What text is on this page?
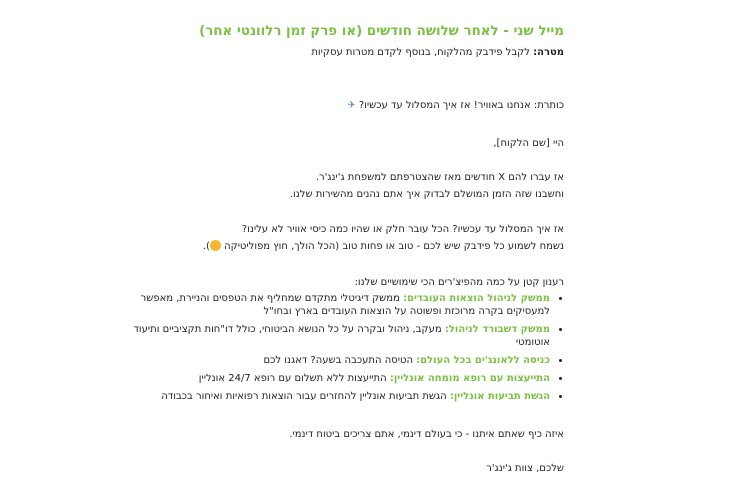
מייל שני - לאחר שלושה חודשים (או פרק זמן רלוונטי אחר)
מטרה: לקבל פידבק מהלקוח, בנוסף לקדם מטרות עסקיות
כותרת: אנחנו באוויר! אז איך המסלול עד עכשיו? ✈
היי [שם הלקוח],
אז עברו להם X חודשים מאז שהצטרפתם למשפחת ג'ינג'ר.
וחשבנו שזה הזמן המושלם לבדוק איך אתם נהנים מהשירות שלנו.
אז איך המסלול עד עכשיו? הכל עובר חלק או שהיו כמה כיסי אוויר לא עלינו?
נשמח לשמוע כל פידבק שיש לכם - טוב או פחות טוב (הכל הולך, חוץ מפוליטיקה ).
רענון קטן על כמה מהפיצ'רים הכי שימושיים שלנו:
• ממשק לניהול הוצאות העובדים: ממשק דיגיטלי מתקדם שמחליף את הטפסים והניירת, מאפשר למעסיקים בקרה מרוכזת ופשוטה על הוצאות העובדים בארץ ובחו"ל
• ממשק דשבורד לניהול: מעקב, ניהול ובקרה על כל הנושא הביטוחי, כולל דו"חות תקציביים ותיעוד אוטומטי
• כניסה ללאונג'ים בכל העולם: הטיסה התעכבה בשעה? דאגנו לכם
• התייעצות עם רופא מומחה אונליין: התייעצות ללא תשלום עם רופא 24/7 אונליין
• הגשת תביעות אונליין: הגשת תביעות אונליין להחזרים עבור הוצאות רפואיות ואיחור בכבודה
איזה כיף שאתם איתנו - כי בעולם דינמי, אתם צריכים ביטוח דינמי.
שלכם, צוות ג'ינג'ר
